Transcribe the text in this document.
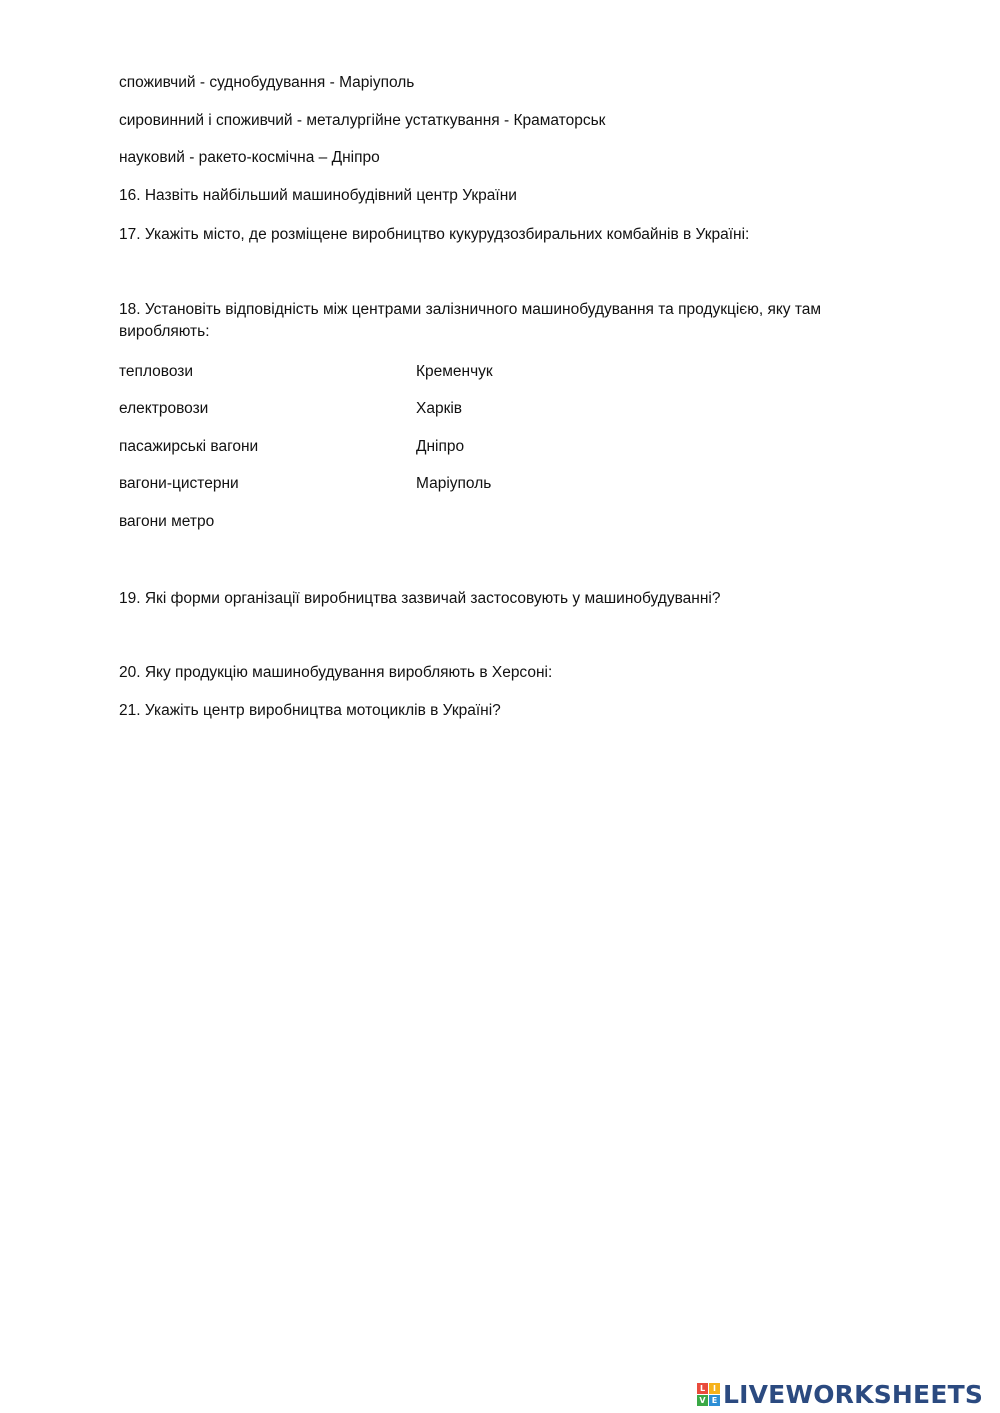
споживчий - суднобудування - Маріуполь
сировинний і споживчий - металургійне устаткування - Краматорськ
науковий - ракето-космічна – Дніпро
16. Назвіть найбільший машинобудівний центр України
17. Укажіть місто, де розміщене виробництво кукурудзозбиральних комбайнів в Україні:
18. Установіть відповідність між центрами залізничного машинобудування та продукцією, яку там виробляють:
тепловози
електровози
пасажирські вагони
вагони-цистерни
вагони метро
Кременчук
Харків
Дніпро
Маріуполь
19. Які форми організації виробництва зазвичай застосовують у машинобудуванні?
20. Яку продукцію машинобудування виробляють в Херсоні:
21. Укажіть центр виробництва мотоциклів в Україні?
L I
V E LIVEWORKSHEETS
